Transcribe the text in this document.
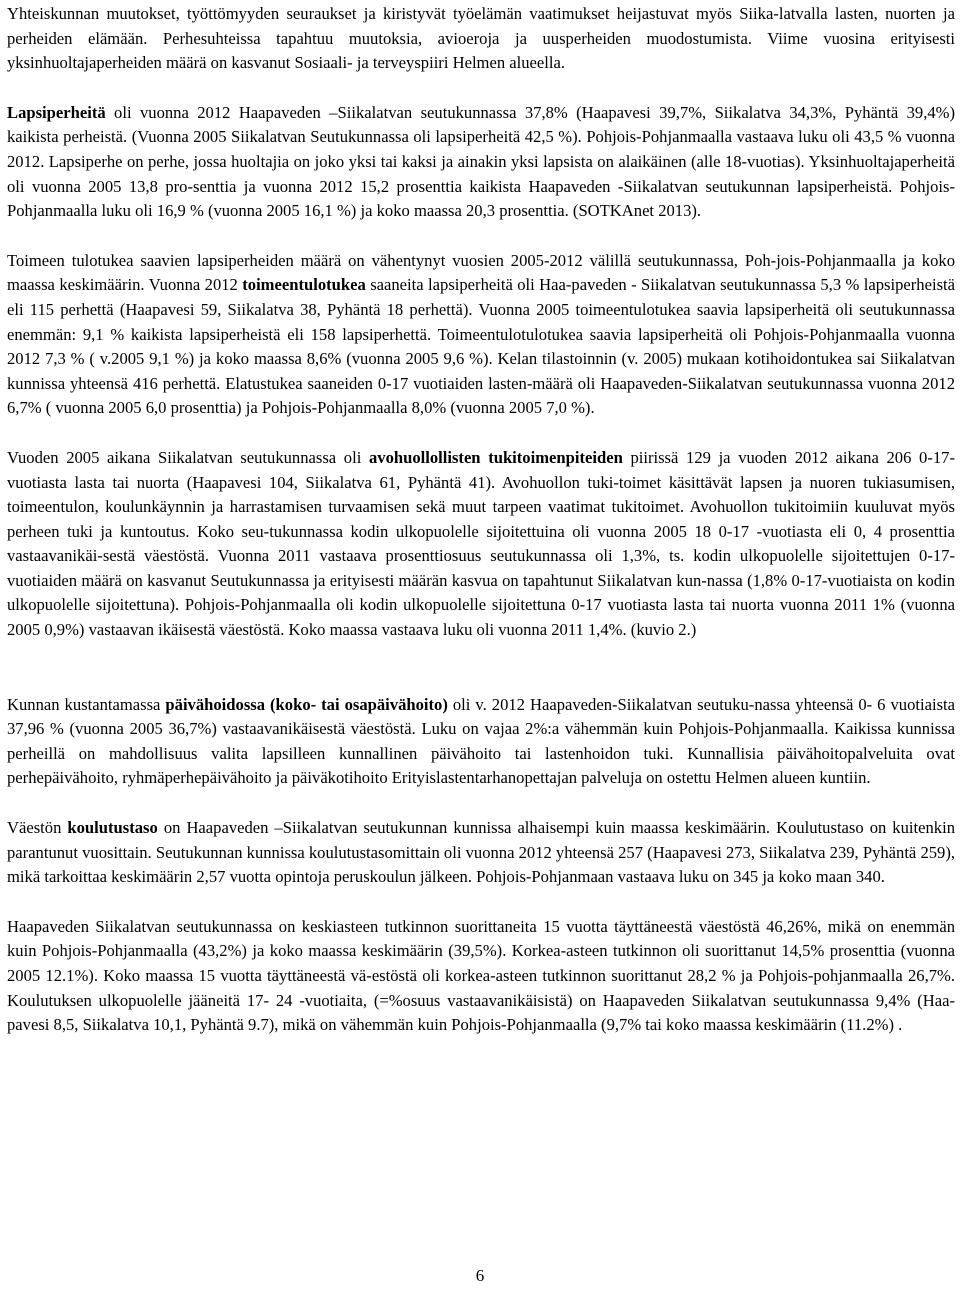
Yhteiskunnan muutokset, työttömyyden seuraukset ja kiristyvät työelämän vaatimukset heijastuvat myös Siika-latvalla lasten, nuorten ja perheiden elämään. Perhesuhteissa tapahtuu muutoksia, avioeroja ja uusperheiden muodostumista. Viime vuosina erityisesti yksinhuoltajaperheiden määrä on kasvanut Sosiaali- ja terveyspiiri Helmen alueella.

Lapsiperheitä oli vuonna 2012 Haapaveden –Siikalatvan seutukunnassa 37,8% (Haapavesi 39,7%, Siikalatva 34,3%, Pyhäntä 39,4%) kaikista perheistä. (Vuonna 2005 Siikalatvan Seutukunnassa oli lapsiperheitä 42,5 %). Pohjois-Pohjanmaalla vastaava luku oli 43,5 % vuonna 2012. Lapsiperhe on perhe, jossa huoltajia on joko yksi tai kaksi ja ainakin yksi lapsista on alaikäinen (alle 18-vuotias). Yksinhuoltajaperheitä oli vuonna 2005 13,8 pro-senttia ja vuonna 2012 15,2 prosenttia kaikista Haapaveden -Siikalatvan seutukunnan lapsiperheistä. Pohjois-Pohjanmaalla luku oli 16,9 % (vuonna 2005 16,1 %) ja koko maassa 20,3 prosenttia. (SOTKAnet 2013).

Toimeen tulotukea saavien lapsiperheiden määrä on vähentynyt vuosien 2005-2012 välillä seutukunnassa, Poh-jois-Pohjanmaalla ja koko maassa keskimäärin. Vuonna 2012 toimeentulotukea saaneita lapsiperheitä oli Haa-paveden - Siikalatvan seutukunnassa 5,3 % lapsiperheistä eli 115 perhettä (Haapavesi 59, Siikalatva 38, Pyhäntä 18 perhettä). Vuonna 2005 toimeentulotukea saavia lapsiperheitä oli seutukunnassa enemmän: 9,1 % kaikista lapsiperheistä eli 158 lapsiperhettä. Toimeentulotulotukea saavia lapsiperheitä oli Pohjois-Pohjanmaalla vuonna 2012 7,3 % ( v.2005 9,1 %) ja koko maassa 8,6% (vuonna 2005 9,6 %). Kelan tilastoinnin (v. 2005) mukaan kotihoidontukea sai Siikalatvan kunnissa yhteensä 416 perhettä. Elatustukea saaneiden 0-17 vuotiaiden lasten-määrä oli Haapaveden-Siikalatvan seutukunnassa vuonna 2012 6,7% ( vuonna 2005 6,0 prosenttia) ja Pohjois-Pohjanmaalla 8,0% (vuonna 2005 7,0 %).

Vuoden 2005 aikana Siikalatvan seutukunnassa oli avohuollollisten tukitoimenpiteiden piirissä 129 ja vuoden 2012 aikana 206 0-17-vuotiasta lasta tai nuorta (Haapavesi 104, Siikalatva 61, Pyhäntä 41). Avohuollon tuki-toimet käsittävät lapsen ja nuoren tukiasumisen, toimeentulon, koulunkäynnin ja harrastamisen turvaamisen sekä muut tarpeen vaatimat tukitoimet. Avohuollon tukitoimiin kuuluvat myös perheen tuki ja kuntoutus. Koko seu-tukunnassa kodin ulkopuolelle sijoitettuina oli vuonna 2005 18 0-17 -vuotiasta eli 0, 4 prosenttia vastaavanikäi-sestä väestöstä. Vuonna 2011 vastaava prosenttiosuus seutukunnassa oli 1,3%, ts. kodin ulkopuolelle sijoitettujen 0-17-vuotiaiden määrä on kasvanut Seutukunnassa ja erityisesti määrän kasvua on tapahtunut Siikalatvan kun-nassa (1,8% 0-17-vuotiaista on kodin ulkopuolelle sijoitettuna). Pohjois-Pohjanmaalla oli kodin ulkopuolelle sijoitettuna 0-17 vuotiasta lasta tai nuorta vuonna 2011 1% (vuonna 2005 0,9%) vastaavan ikäisestä väestöstä. Koko maassa vastaava luku oli vuonna 2011 1,4%. (kuvio 2.)

Kunnan kustantamassa päivähoidossa (koko- tai osapäivähoito) oli v. 2012 Haapaveden-Siikalatvan seutuku-nassa yhteensä 0- 6 vuotiaista 37,96 % (vuonna 2005 36,7%) vastaavanikäisestä väestöstä. Luku on vajaa 2%:a vähemmän kuin Pohjois-Pohjanmaalla. Kaikissa kunnissa perheillä on mahdollisuus valita lapsilleen kunnallinen päivähoito tai lastenhoidon tuki. Kunnallisia päivähoitopalveluita ovat perhepäivähoito, ryhmäperhepäivähoito ja päiväkotihoito Erityislastentarhanopettajan palveluja on ostettu Helmen alueen kuntiin.

Väestön koulutustaso on Haapaveden –Siikalatvan seutukunnan kunnissa alhaisempi kuin maassa keskimäärin. Koulutustaso on kuitenkin parantunut vuosittain. Seutukunnan kunnissa koulutustasomittain oli vuonna 2012 yhteensä 257 (Haapavesi 273, Siikalatva 239, Pyhäntä 259), mikä tarkoittaa keskimäärin 2,57 vuotta opintoja peruskoulun jälkeen. Pohjois-Pohjanmaan vastaava luku on 345 ja koko maan 340.

Haapaveden Siikalatvan seutukunnassa on keskiasteen tutkinnon suorittaneita 15 vuotta täyttäneestä väestöstä 46,26%, mikä on enemmän kuin Pohjois-Pohjanmaalla (43,2%) ja koko maassa keskimäärin (39,5%). Korkea-asteen tutkinnon oli suorittanut 14,5% prosenttia (vuonna 2005 12.1%). Koko maassa 15 vuotta täyttäneestä vä-estöstä oli korkea-asteen tutkinnon suorittanut 28,2 % ja Pohjois-pohjanmaalla 26,7%. Koulutuksen ulkopuolelle jääneitä 17- 24 -vuotiaita, (=%osuus vastaavanikäisistä) on Haapaveden Siikalatvan seutukunnassa 9,4% (Haa-pavesi 8,5, Siikalatva 10,1, Pyhäntä 9.7), mikä on vähemmän kuin Pohjois-Pohjanmaalla (9,7% tai koko maassa keskimäärin (11.2%) .

6
